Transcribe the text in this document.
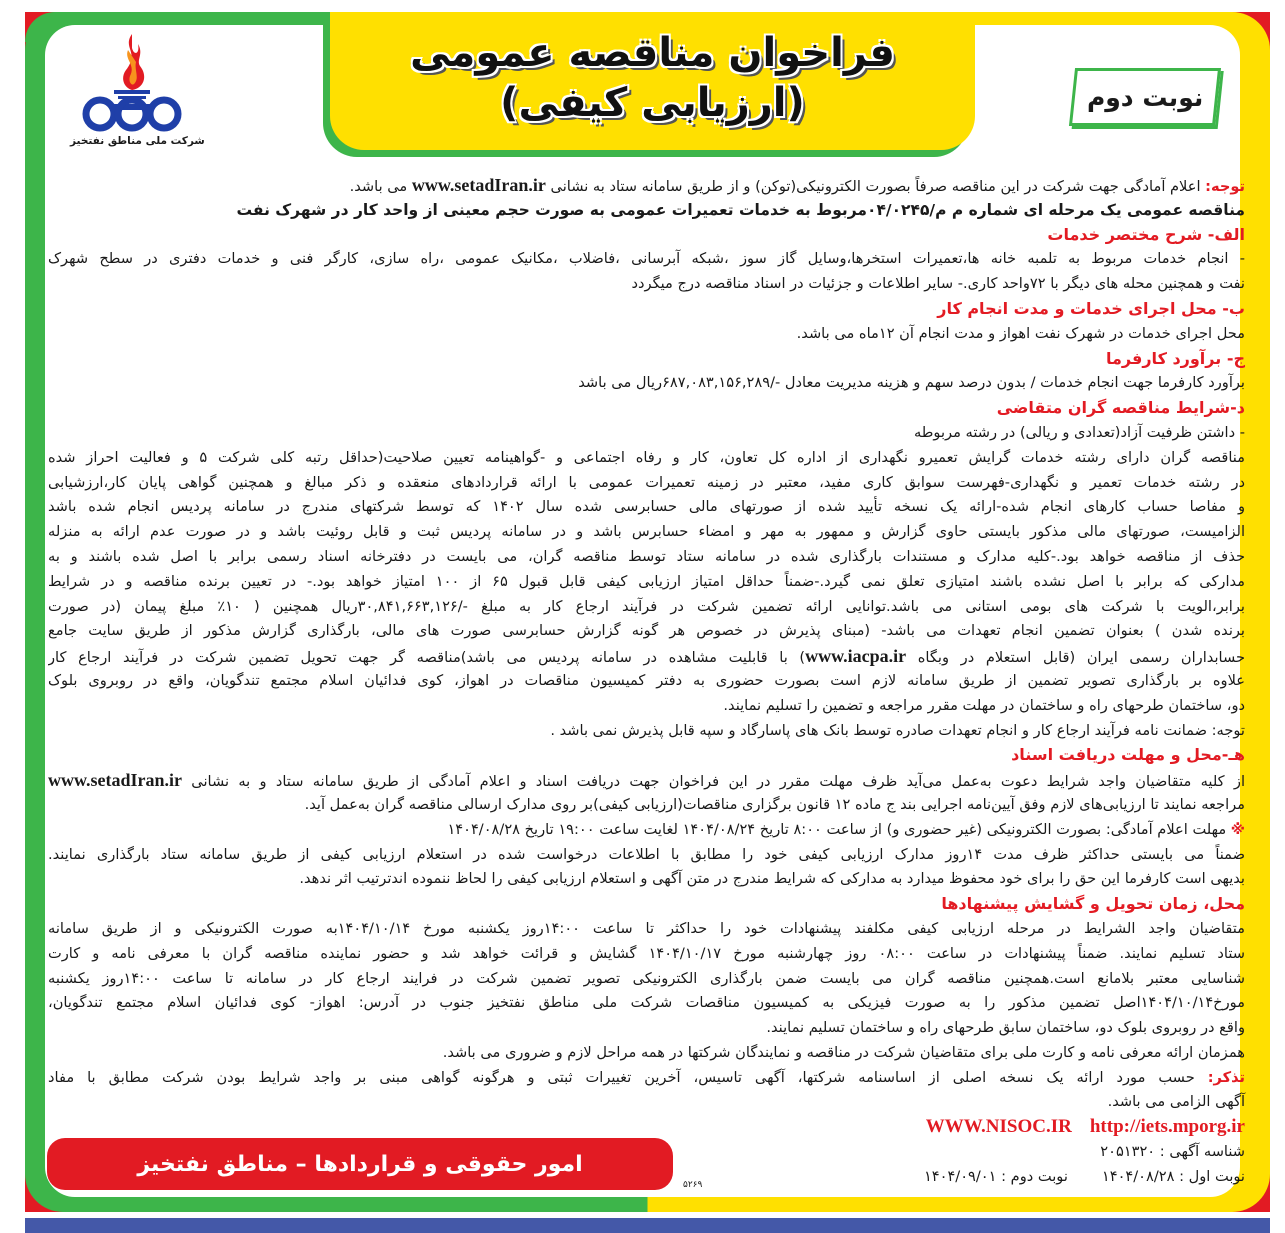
فراخوان مناقصه عمومی
(ارزیابی کیفی)	نوبت دوم
شرکت ملی مناطق نفتخیز
توجه: اعلام آمادگی جهت شرکت در این مناقصه صرفاً بصورت الکترونیکی(توکن) و از طریق سامانه ستاد به نشانی www.setadIran.ir می باشد.
مناقصه عمومی یک مرحله ای شماره م م/۰۴/۰۲۴۵مربوط به خدمات تعمیرات عمومی به صورت حجم معینی از واحد کار در شهرک نفت
الف- شرح مختصر خدمات
- انجام خدمات مربوط به تلمبه خانه ها،تعمیرات استخرها،وسایل گاز سوز ،شبکه آبرسانی ،فاضلاب ،مکانیک عمومی ،راه سازی، کارگر فنی و خدمات دفتری در سطح شهرک
نفت و همچنین محله های دیگر با ۷۲واحد کاری.- سایر اطلاعات و جزئیات در اسناد مناقصه درج میگردد
ب- محل اجرای خدمات و مدت انجام کار
محل اجرای خدمات در شهرک نفت اهواز و مدت انجام آن ۱۲ماه می باشد.
ج- برآورد کارفرما
برآورد کارفرما جهت انجام خدمات / بدون درصد سهم و هزینه مدیریت معادل -/۶۸۷,۰۸۳,۱۵۶,۲۸۹ریال می باشد
د-شرایط مناقصه گران متقاضی
- داشتن ظرفیت آزاد(تعدادی و ریالی) در رشته مربوطه
مناقصه گران دارای رشته خدمات گرایش تعمیرو نگهداری از اداره کل تعاون، کار و رفاه اجتماعی و -گواهینامه تعیین صلاحیت(حداقل رتبه کلی شرکت ۵ و فعالیت احراز شده
در رشته خدمات تعمیر و نگهداری-فهرست سوابق کاری مفید، معتبر در زمینه تعمیرات عمومی با ارائه قراردادهای منعقده و ذکر مبالغ و همچنین گواهی پایان کار،ارزشیابی
و مفاصا حساب کارهای انجام شده-ارائه یک نسخه تأیید شده از صورتهای مالی حسابرسی شده سال ۱۴۰۲ که توسط شرکتهای مندرج در سامانه پردیس انجام شده باشد
الزامیست، صورتهای مالی مذکور بایستی حاوی گزارش و ممهور به مهر و امضاء حسابرس باشد و در سامانه پردیس ثبت و قابل روئیت باشد و در صورت عدم ارائه به منزله
حذف از مناقصه خواهد بود.-کلیه مدارک و مستندات بارگذاری شده در سامانه ستاد توسط مناقصه گران، می بایست در دفترخانه اسناد رسمی برابر با اصل شده باشند و به
مدارکی که برابر با اصل نشده باشند امتیازی تعلق نمی گیرد.-ضمناً حداقل امتیاز ارزیابی کیفی قابل قبول ۶۵ از ۱۰۰ امتیاز خواهد بود.- در تعیین برنده مناقصه و در شرایط
برابر،الویت با شرکت های بومی استانی می باشد.توانایی ارائه تضمین شرکت در فرآیند ارجاع کار به مبلغ -/۳۰,۸۴۱,۶۶۳,۱۲۶ریال همچنین ( ۱۰٪ مبلغ پیمان (در صورت
برنده شدن ) بعنوان تضمین انجام تعهدات می باشد- (مبنای پذیرش در خصوص هر گونه گزارش حسابرسی صورت های مالی، بارگذاری گزارش مذکور از طریق سایت جامع
حسابداران رسمی ایران (قابل استعلام در وبگاه www.iacpa.ir) با قابلیت مشاهده در سامانه پردیس می باشد)مناقصه گر جهت تحویل تضمین شرکت در فرآیند ارجاع کار
علاوه بر بارگذاری تصویر تضمین از طریق سامانه لازم است بصورت حضوری به دفتر کمیسیون مناقصات در اهواز، کوی فدائیان اسلام مجتمع تندگویان، واقع در روبروی بلوک
دو، ساختمان طرحهای راه و ساختمان در مهلت مقرر مراجعه و تضمین را تسلیم نمایند.
توجه: ضمانت نامه فرآیند ارجاع کار و انجام تعهدات صادره توسط بانک های پاسارگاد و سپه قابل پذیرش نمی باشد .
هـ-محل و مهلت دریافت اسناد
از کلیه متقاضیان واجد شرایط دعوت به‌عمل می‌آید ظرف مهلت مقرر در این فراخوان جهت دریافت اسناد و اعلام آمادگی از طریق سامانه ستاد و به نشانی www.setadIran.ir
مراجعه نمایند تا ارزیابی‌های لازم وفق آیین‌نامه اجرایی بند ج ماده ۱۲ قانون برگزاری مناقصات(ارزیابی کیفی)بر روی مدارک ارسالی مناقصه گران به‌عمل آید.
※ مهلت اعلام آمادگی: بصورت الکترونیکی (غیر حضوری و) از ساعت ۸:۰۰ تاریخ ۱۴۰۴/۰۸/۲۴ لغایت ساعت ۱۹:۰۰ تاریخ ۱۴۰۴/۰۸/۲۸
ضمناً می بایستی حداکثر ظرف مدت ۱۴روز مدارک ارزیابی کیفی خود را مطابق با اطلاعات درخواست شده در استعلام ارزیابی کیفی از طریق سامانه ستاد بارگذاری نمایند.
بدیهی است کارفرما این حق را برای خود محفوظ میدارد به مدارکی که شرایط مندرج در متن آگهی و استعلام ارزیابی کیفی را لحاظ ننموده اندترتیب اثر ندهد.
محل، زمان تحویل و گشایش پیشنهادها
متقاضیان واجد الشرایط در مرحله ارزیابی کیفی مکلفند پیشنهادات خود را حداکثر تا ساعت ۱۴:۰۰روز یکشنبه مورخ ۱۴۰۴/۱۰/۱۴به صورت الکترونیکی و از طریق سامانه
ستاد تسلیم نمایند. ضمناً پیشنهادات در ساعت ۰۸:۰۰ روز چهارشنبه مورخ ۱۴۰۴/۱۰/۱۷ گشایش و قرائت خواهد شد و حضور نماینده مناقصه گران با معرفی نامه و کارت
شناسایی معتبر بلامانع است.همچنین مناقصه گران می بایست ضمن بارگذاری الکترونیکی تصویر تضمین شرکت در فرایند ارجاع کار در سامانه تا ساعت ۱۴:۰۰روز یکشنبه
مورخ۱۴۰۴/۱۰/۱۴اصل تضمین مذکور را به صورت فیزیکی به کمیسیون مناقصات شرکت ملی مناطق نفتخیز جنوب در آدرس: اهواز- کوی فدائیان اسلام مجتمع تندگویان،
واقع در روبروی بلوک دو، ساختمان سابق طرحهای راه و ساختمان تسلیم نمایند.
همزمان ارائه معرفی نامه و کارت ملی برای متقاضیان شرکت در مناقصه و نمایندگان شرکتها در همه مراحل لازم و ضروری می باشد.
تذکر: حسب مورد ارائه یک نسخه اصلی از اساسنامه شرکتها، آگهی تاسیس، آخرین تغییرات ثبتی و هرگونه گواهی مبنی بر واجد شرایط بودن شرکت مطابق با مفاد
آگهی الزامی می باشد.
http://iets.mporg.irWWW.NISOC.IR
شناسه آگهی : ۲۰۵۱۳۲۰
نوبت اول : ۱۴۰۴/۰۸/۲۸نوبت دوم : ۱۴۰۴/۰۹/۰۱
امور حقوقی و قراردادها – مناطق نفتخیز
۵۲۶۹
